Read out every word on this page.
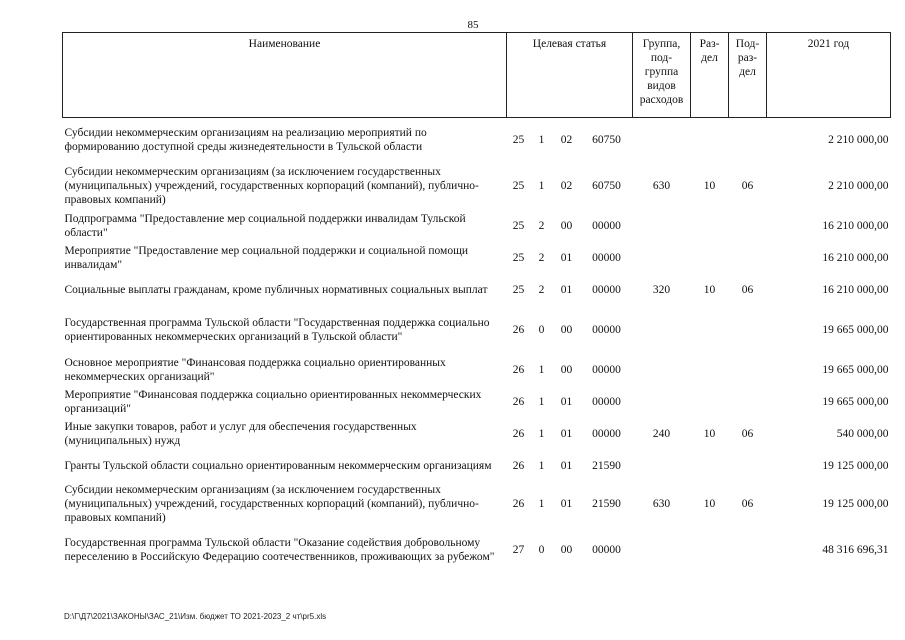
85
Наименование	Целевая статья				Группа, под-группа видов расходов	Раз-дел	Под-раз-дел	2021 год
Субсидии некоммерческим организациям на реализацию мероприятий по формированию доступной среды жизнедеятельности в Тульской области	25	1	02	60750				2 210 000,00
Субсидии некоммерческим организациям (за исключением государственных (муниципальных) учреждений, государственных корпораций (компаний), публично-правовых компаний)	25	1	02	60750	630	10	06	2 210 000,00
Подпрограмма "Предоставление мер социальной поддержки инвалидам Тульской области"	25	2	00	00000				16 210 000,00
Мероприятие "Предоставление мер социальной поддержки и социальной помощи инвалидам"	25	2	01	00000				16 210 000,00
Социальные выплаты гражданам, кроме публичных нормативных социальных выплат	25	2	01	00000	320	10	06	16 210 000,00
Государственная программа Тульской области "Государственная поддержка социально ориентированных некоммерческих организаций в Тульской области"	26	0	00	00000				19 665 000,00
Основное мероприятие "Финансовая поддержка социально ориентированных некоммерческих организаций"	26	1	00	00000				19 665 000,00
Мероприятие "Финансовая поддержка социально ориентированных некоммерческих организаций"	26	1	01	00000				19 665 000,00
Иные закупки товаров, работ и услуг для обеспечения государственных (муниципальных) нужд	26	1	01	00000	240	10	06	540 000,00
Гранты Тульской области социально ориентированным некоммерческим организациям	26	1	01	21590				19 125 000,00
Субсидии некоммерческим организациям (за исключением государственных (муниципальных) учреждений, государственных корпораций (компаний), публично-правовых компаний)	26	1	01	21590	630	10	06	19 125 000,00
Государственная программа Тульской области "Оказание содействия добровольному переселению в Российскую Федерацию соотечественников, проживающих за рубежом"	27	0	00	00000				48 316 696,31
D:\Г\Д7\2021\ЗАКОНЫ\ЗАС_21\Изм. бюджет ТО 2021-2023_2 чт\pr5.xls
